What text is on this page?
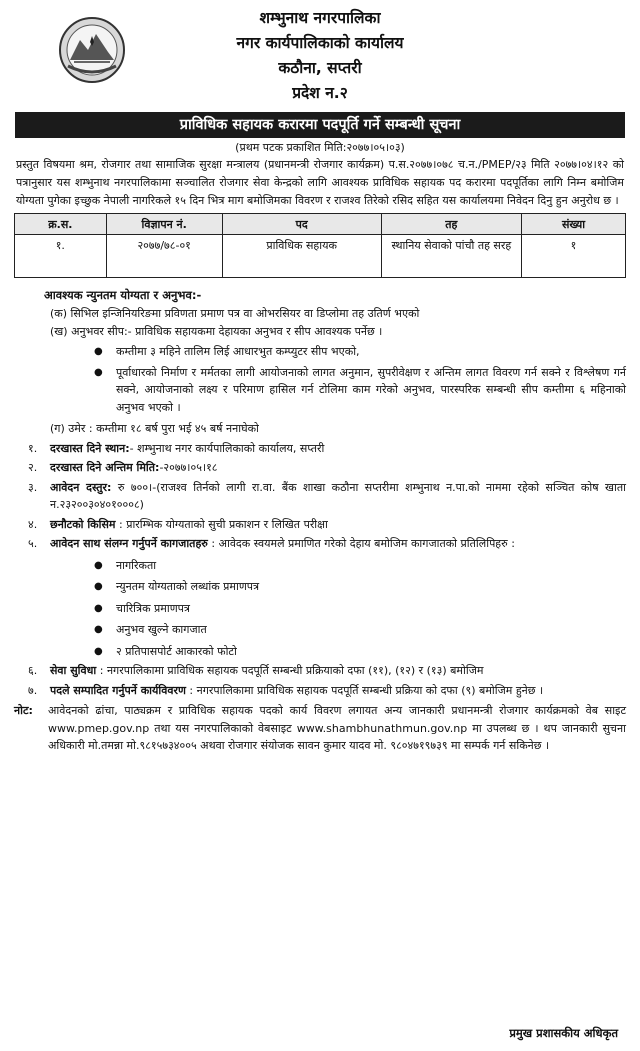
शम्भुनाथ नगरपालिका
नगर कार्यपालिकाको कार्यालय
कठौना, सप्तरी
प्रदेश न.२
प्राविधिक सहायक करारमा पदपूर्ति गर्ने सम्बन्धी सूचना
(प्रथम पटक प्रकाशित मिति:२०७७।०५।०३)
प्रस्तुत विषयमा श्रम, रोजगार तथा सामाजिक सुरक्षा मन्त्रालय (प्रधानमन्त्री रोजगार कार्यक्रम) प.स.२०७७।०७८ च.न./PMEP/२३ मिति २०७७।०४।१२ को पत्रानुसार यस शम्भुनाथ नगरपालिकामा सञ्चालित रोजगार सेवा केन्द्रको लागि आवश्यक प्राविधिक सहायक पद करारमा पदपूर्तिका लागि निम्न बमोजिम योग्यता पुगेका इच्छुक नेपाली नागरिकले १५ दिन भित्र माग बमोजिमका विवरण र राजश्व तिरेको रसिद सहित यस कार्यालयमा निवेदन दिनु हुन अनुरोध छ ।
क्र.स.	विज्ञापन नं.	पद	तह	संख्या
१.	२०७७/७८-०१	प्राविधिक सहायक	स्थानिय सेवाको पांचौ तह सरह	१
आवश्यक न्युनतम योग्यता र अनुभव:-
(क) सिभिल इन्जिनियरिङमा प्रविणता प्रमाण पत्र वा ओभरसियर वा डिप्लोमा तह उतिर्ण भएको
(ख) अनुभवर सीप:- प्राविधिक सहायकमा देहायका अनुभव र सीप आवश्यक पर्नेछ ।
●	कम्तीमा ३ महिने तालिम लिई आधारभुत कम्प्युटर सीप भएको,
●	पूर्वाधारको निर्माण र मर्मतका लागी आयोजनाको लागत अनुमान, सुपरीवेक्षण र अन्तिम लागत विवरण गर्न सक्ने र विश्लेषण गर्न सक्ने, आयोजनाको लक्ष्य र परिमाण हासिल गर्न टोलिमा काम गरेको अनुभव, पारस्परिक सम्बन्धी सीप कम्तीमा ६ महिनाको अनुभव भएको ।
(ग) उमेर : कम्तीमा १८ बर्ष पुरा भई ४५ बर्ष ननाघेको
१.	दरखास्त दिने स्थान:- शम्भुनाथ नगर कार्यपालिकाको कार्यालय, सप्तरी
२.	दरखास्त दिने अन्तिम मिति:-२०७७।०५।१८
३.	आवेदन दस्तुर: रु ७००।-(राजश्व तिर्नको लागी रा.वा. बैंक शाखा कठौना सप्तरीमा शम्भुनाथ न.पा.को नाममा रहेको सञ्चित कोष खाता न.२३२००३०४०१०००८)
४.	छनौटको किसिम : प्रारम्भिक योग्यताको सुची प्रकाशन र लिखित परीक्षा
५.	आवेदन साथ संलग्न गर्नुपर्ने कागजातहरु : आवेदक स्वयमले प्रमाणित गरेको देहाय बमोजिम कागजातको प्रतिलिपिहरु :
●	नागरिकता
●	न्युनतम योग्यताको लब्धांक प्रमाणपत्र
●	चारित्रिक प्रमाणपत्र
●	अनुभव खुल्ने कागजात
●	२ प्रतिपासपोर्ट आकारको फोटो
६.	सेवा सुविधा : नगरपालिकामा प्राविधिक सहायक पदपूर्ति सम्बन्धी प्रक्रियाको दफा (११), (१२) र (१३) बमोजिम
७.	पदले सम्पादित गर्नुपर्ने कार्यविवरण : नगरपालिकामा प्राविधिक सहायक पदपूर्ति सम्बन्धी प्रक्रिया को दफा (९) बमोजिम हुनेछ ।
नोट:	आवेदनको ढांचा, पाठ्यक्रम र प्राविधिक सहायक पदको कार्य विवरण लगायत अन्य जानकारी प्रधानमन्त्री रोजगार कार्यक्रमको वेब साइट www.pmep.gov.np तथा यस नगरपालिकाको वेबसाइट www.shambhunathmun.gov.np मा उपलब्ध छ । थप जानकारी सुचना अधिकारी मो.तमन्ना मो.९८१५७३४००५ अथवा रोजगार संयोजक सावन कुमार यादव मो. ९८०४७१९७३९ मा सम्पर्क गर्न सकिनेछ ।
प्रमुख प्रशासकीय अधिकृत
